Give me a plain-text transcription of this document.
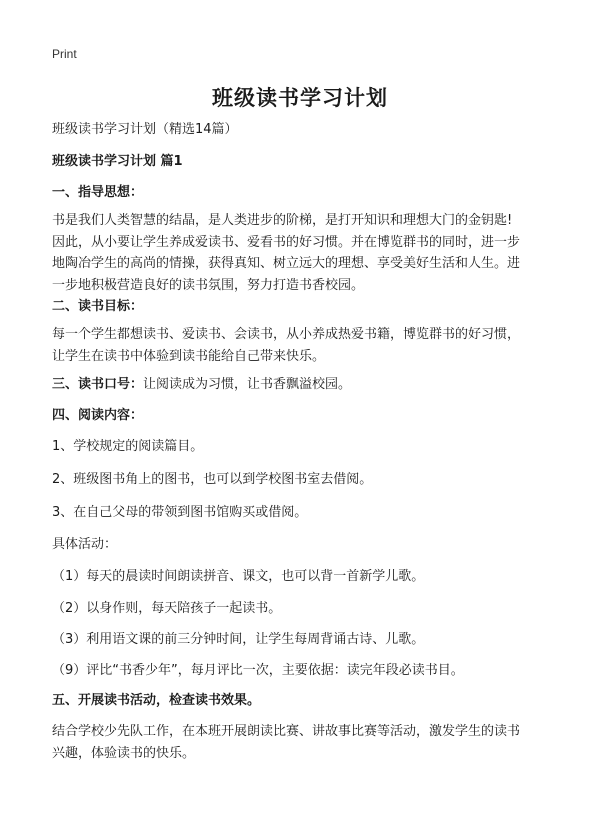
Print
班级读书学习计划
班级读书学习计划（精选14篇）
班级读书学习计划 篇1
一、指导思想：
书是我们人类智慧的结晶，是人类进步的阶梯，是打开知识和理想大门的金钥匙!
因此，从小要让学生养成爱读书、爱看书的好习惯。并在博览群书的同时，进一步
地陶冶学生的高尚的情操，获得真知、树立远大的理想、享受美好生活和人生。进
一步地积极营造良好的读书氛围，努力打造书香校园。
二、读书目标：
每一个学生都想读书、爱读书、会读书，从小养成热爱书籍，博览群书的好习惯，
让学生在读书中体验到读书能给自己带来快乐。
三、读书口号：让阅读成为习惯，让书香飘溢校园。
四、阅读内容：
1、学校规定的阅读篇目。
2、班级图书角上的图书，也可以到学校图书室去借阅。
3、在自己父母的带领到图书馆购买或借阅。
具体活动：
（1）每天的晨读时间朗读拼音、课文，也可以背一首新学儿歌。
（2）以身作则，每天陪孩子一起读书。
（3）利用语文课的前三分钟时间，让学生每周背诵古诗、儿歌。
（9）评比“书香少年”，每月评比一次，主要依据：读完年段必读书目。
五、开展读书活动，检查读书效果。
结合学校少先队工作，在本班开展朗读比赛、讲故事比赛等活动，激发学生的读书
兴趣，体验读书的快乐。
